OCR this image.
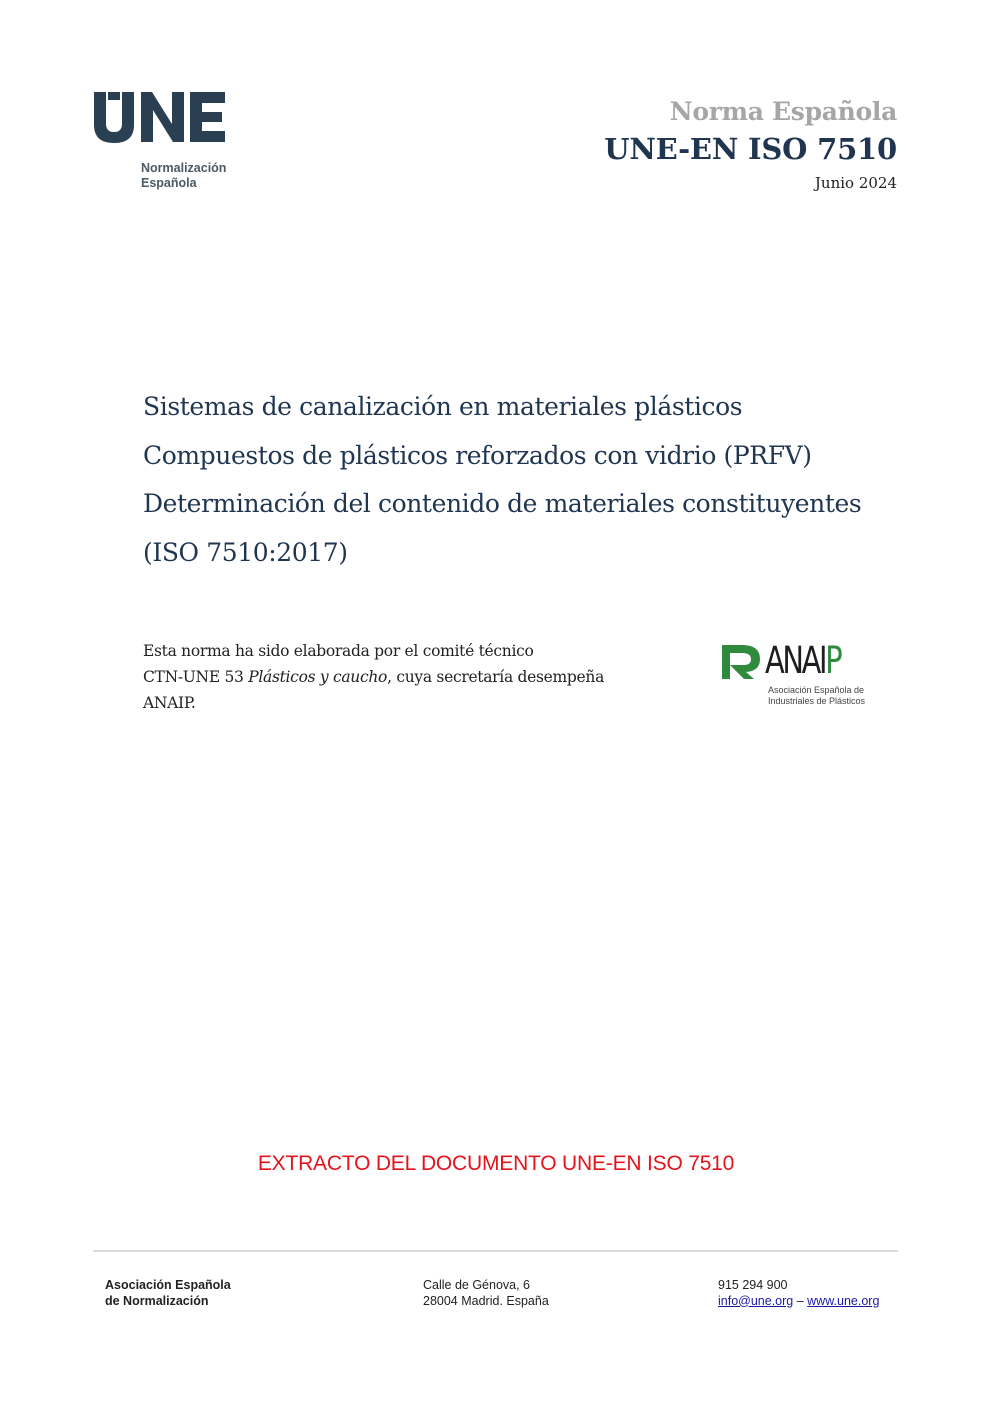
Normalización
Española
Norma Española
UNE-EN ISO 7510
Junio 2024
Sistemas de canalización en materiales plásticos
Compuestos de plásticos reforzados con vidrio (PRFV)
Determinación del contenido de materiales constituyentes
(ISO 7510:2017)
Esta norma ha sido elaborada por el comité técnico
CTN-UNE 53 Plásticos y caucho, cuya secretaría desempeña
ANAIP.
ANAIP
Asociación Española de
Industriales de Plásticos
EXTRACTO DEL DOCUMENTO UNE-EN ISO 7510
Asociación Española
de Normalización
Calle de Génova, 6
28004 Madrid. España
915 294 900
info@une.org – www.une.org
